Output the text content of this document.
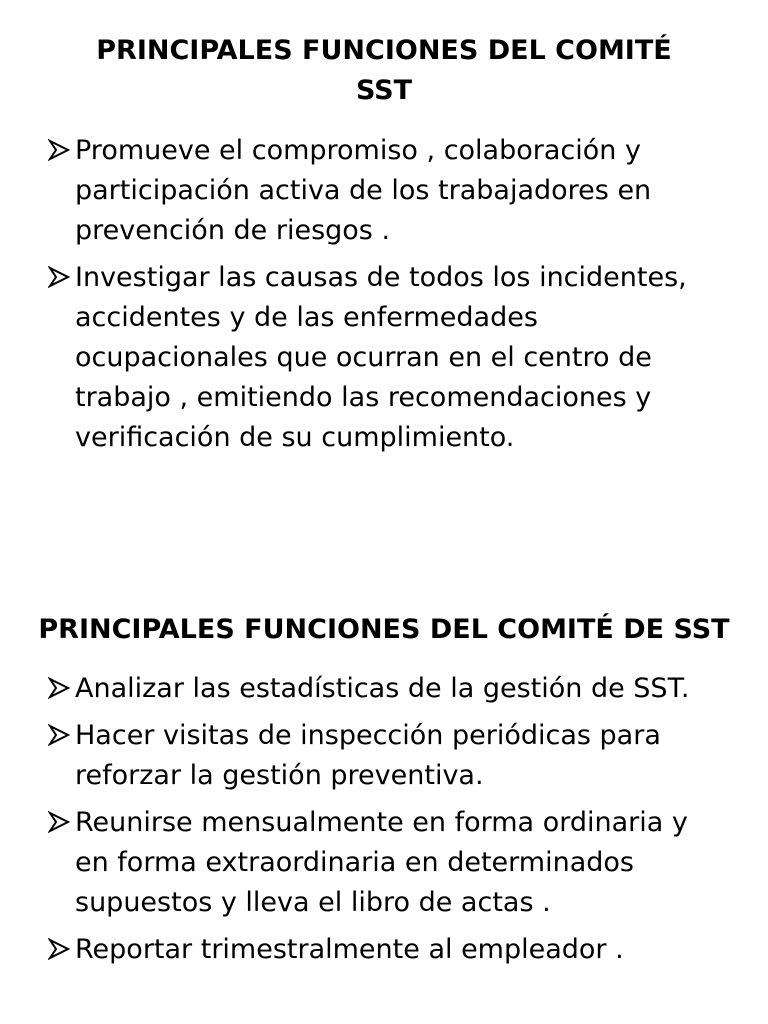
PRINCIPALES FUNCIONES DEL COMITÉ SST
Promueve el compromiso , colaboración y participación activa de los trabajadores en prevención de riesgos .
Investigar las causas de todos los incidentes, accidentes y de las enfermedades ocupacionales que ocurran en el centro de trabajo , emitiendo las recomendaciones y verificación de su cumplimiento.
PRINCIPALES FUNCIONES DEL COMITÉ DE SST
Analizar las estadísticas de la gestión de SST.
Hacer visitas de inspección periódicas para reforzar la gestión preventiva.
Reunirse mensualmente en forma ordinaria y en forma extraordinaria en determinados supuestos y lleva el libro de actas .
Reportar trimestralmente al empleador .
